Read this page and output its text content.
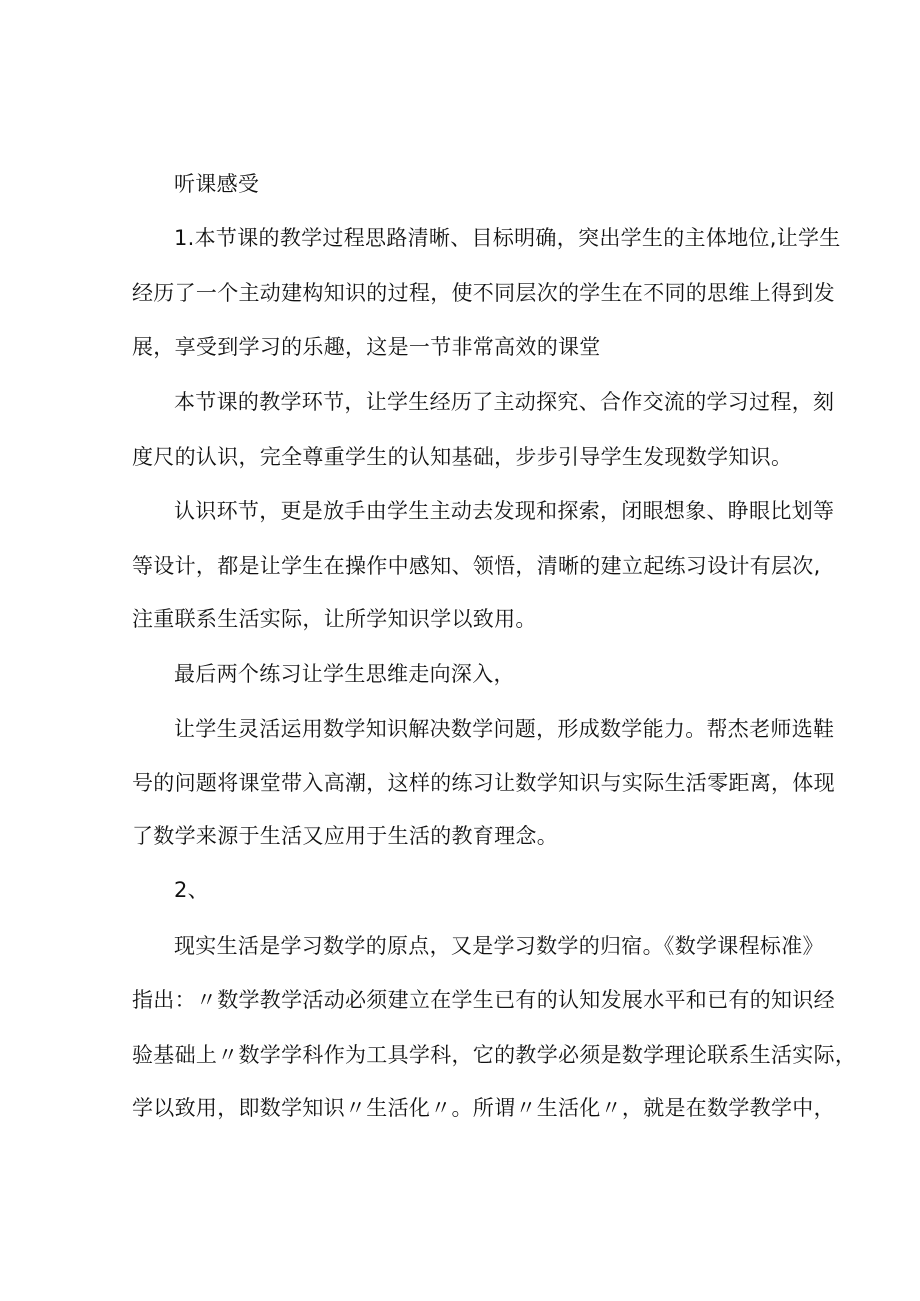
听课感受

1.本节课的教学过程思路清晰、目标明确，突出学生的主体地位,让学生

经历了一个主动建构知识的过程，使不同层次的学生在不同的思维上得到发

展，享受到学习的乐趣，这是一节非常高效的课堂

本节课的教学环节，让学生经历了主动探究、合作交流的学习过程，刻

度尺的认识，完全尊重学生的认知基础，步步引导学生发现数学知识。

认识环节，更是放手由学生主动去发现和探索，闭眼想象、睁眼比划等

等设计，都是让学生在操作中感知、领悟，清晰的建立起练习设计有层次,

注重联系生活实际，让所学知识学以致用。

最后两个练习让学生思维走向深入，

让学生灵活运用数学知识解决数学问题，形成数学能力。帮杰老师选鞋

号的问题将课堂带入高潮，这样的练习让数学知识与实际生活零距离，体现

了数学来源于生活又应用于生活的教育理念。

2、

现实生活是学习数学的原点，又是学习数学的归宿。《数学课程标准》

指出：〃数学教学活动必须建立在学生已有的认知发展水平和已有的知识经

验基础上〃数学学科作为工具学科，它的教学必须是数学理论联系生活实际，

学以致用，即数学知识〃生活化〃。所谓〃生活化〃，就是在数学教学中，
